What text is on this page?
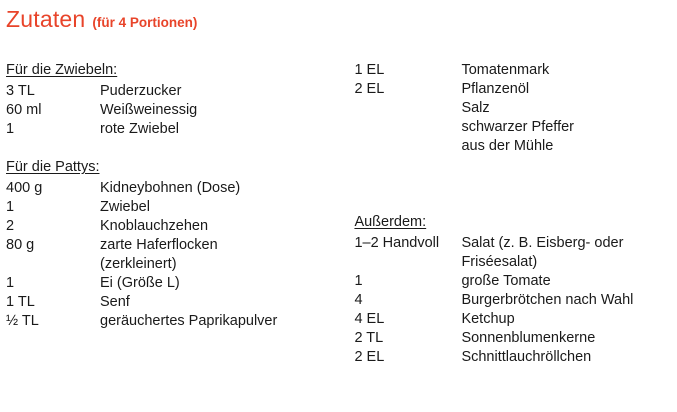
Zutaten (für 4 Portionen)
Für die Zwiebeln:
3 TL	Puderzucker
60 ml	Weißweinessig
1	rote Zwiebel
Für die Pattys:
400 g	Kidneybohnen (Dose)
1	Zwiebel
2	Knoblauchzehen
80 g	zarte Haferflocken
(zerkleinert)
1	Ei (Größe L)
1 TL	Senf
½ TL	geräuchertes Paprikapulver
1 EL	Tomatenmark
2 EL	Pflanzenöl
Salz
schwarzer Pfeffer
aus der Mühle
Außerdem:
1–2 Handvoll	Salat (z. B. Eisberg- oder
Friséesalat)
1	große Tomate
4	Burgerbrötchen nach Wahl
4 EL	Ketchup
2 TL	Sonnenblumenkerne
2 EL	Schnittlauchröllchen
